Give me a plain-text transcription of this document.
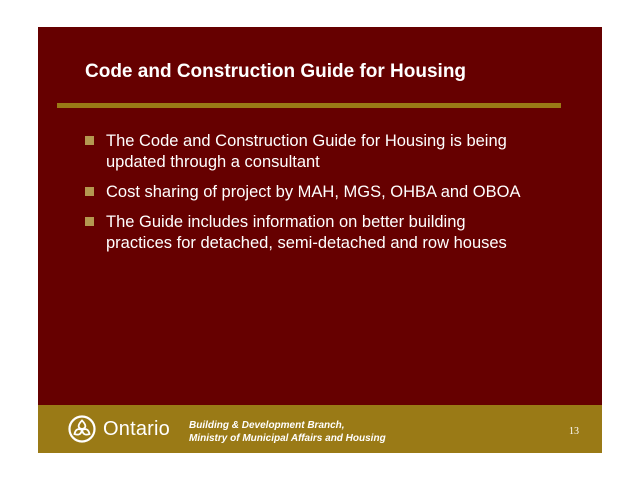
Code and Construction Guide for Housing
The Code and Construction Guide for Housing is being updated through a consultant
Cost sharing of project by MAH, MGS, OHBA and OBOA
The Guide includes information on better building practices for detached, semi-detached and row houses
Ontario Building & Development Branch,
Ministry of Municipal Affairs and Housing
13
